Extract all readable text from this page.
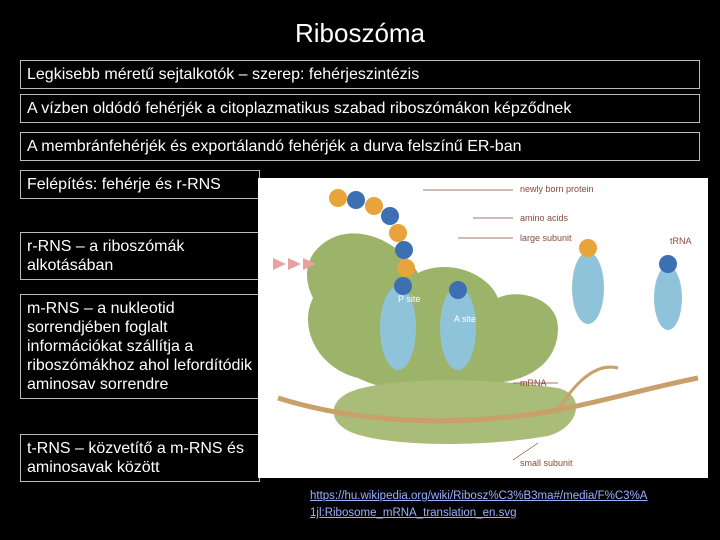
Riboszóma
Legkisebb méretű sejtalkotók – szerep: fehérjeszintézis
A vízben oldódó fehérjék a citoplazmatikus szabad riboszómákon képződnek
A membránfehérjék és exportálandó fehérjék a durva felszínű ER-ban
Felépítés: fehérje és r-RNS
r-RNS – a riboszómák alkotásában
m-RNS – a nukleotid sorrendjében foglalt információkat szállítja a riboszómákhoz ahol lefordítódik aminosav sorrendre
t-RNS – közvetítő a m-RNS és aminosavak között
newly born protein
amino acids
large subunit	tRNA
P site
A site
mRNA
small subunit
https://hu.wikipedia.org/wiki/Ribosz%C3%B3ma#/media/F%C3%A1jl:Ribosome_mRNA_translation_en.svg
